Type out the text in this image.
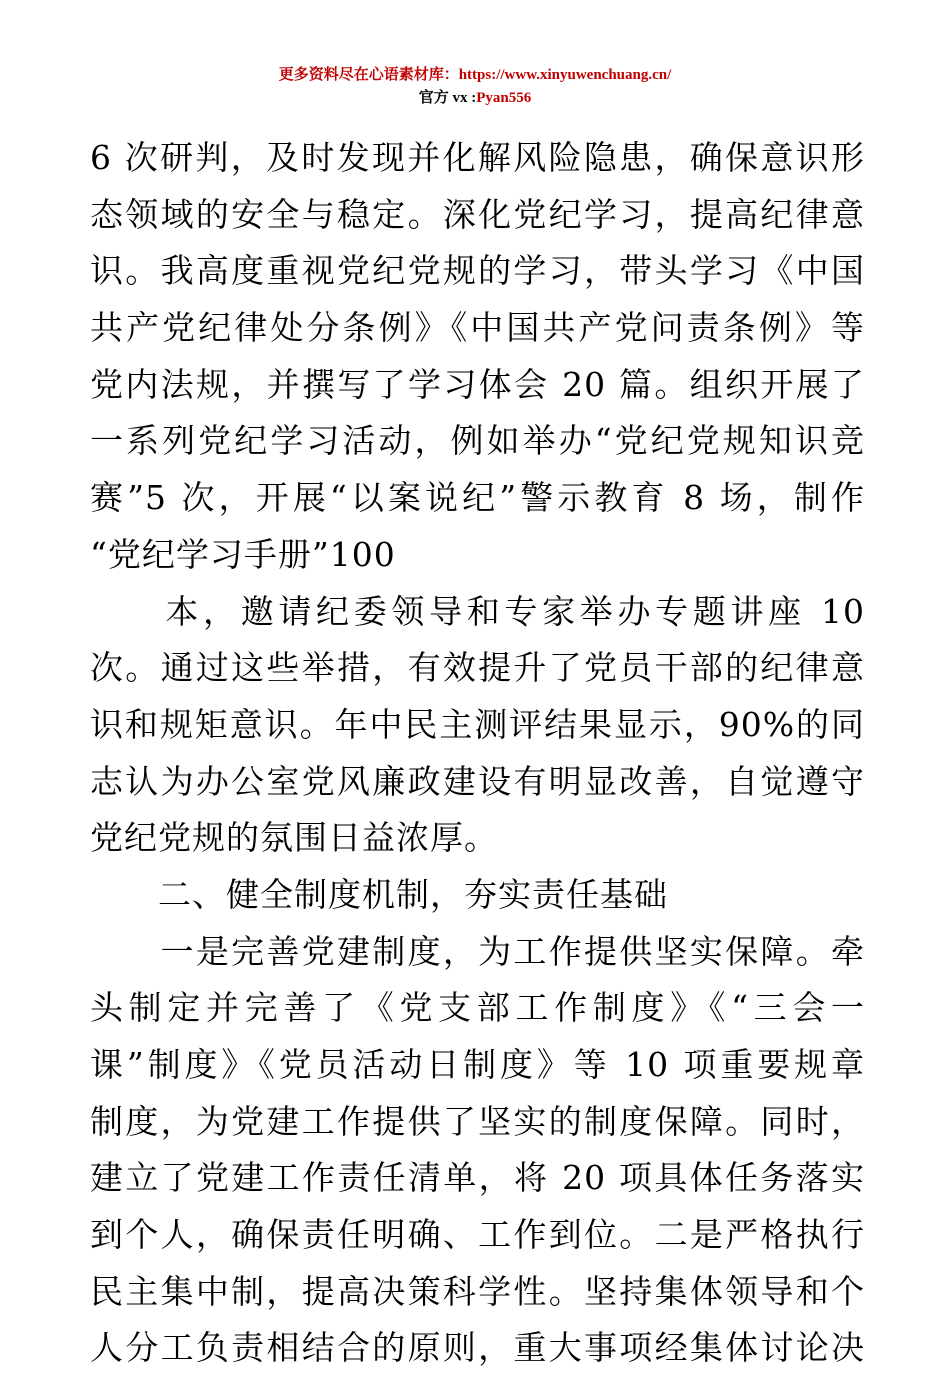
更多资料尽在心语素材库：https://www.xinyuwenchuang.cn/
官方 vx :Pyan556
6 次研判，及时发现并化解风险隐患，确保意识形
态领域的安全与稳定。深化党纪学习，提高纪律意
识。我高度重视党纪党规的学习，带头学习《中国
共产党纪律处分条例》《中国共产党问责条例》等
党内法规，并撰写了学习体会 20 篇。组织开展了
一系列党纪学习活动，例如举办“党纪党规知识竞
赛”5 次，开展“以案说纪”警示教育 8 场，制作
“党纪学习手册”100
　　本，邀请纪委领导和专家举办专题讲座 10
次。通过这些举措，有效提升了党员干部的纪律意
识和规矩意识。年中民主测评结果显示，90%的同
志认为办公室党风廉政建设有明显改善，自觉遵守
党纪党规的氛围日益浓厚。
　　二、健全制度机制，夯实责任基础
　　一是完善党建制度，为工作提供坚实保障。牵
头制定并完善了《党支部工作制度》《“三会一
课”制度》《党员活动日制度》等 10 项重要规章
制度，为党建工作提供了坚实的制度保障。同时，
建立了党建工作责任清单，将 20 项具体任务落实
到个人，确保责任明确、工作到位。二是严格执行
民主集中制，提高决策科学性。坚持集体领导和个
人分工负责相结合的原则，重大事项经集体讨论决
